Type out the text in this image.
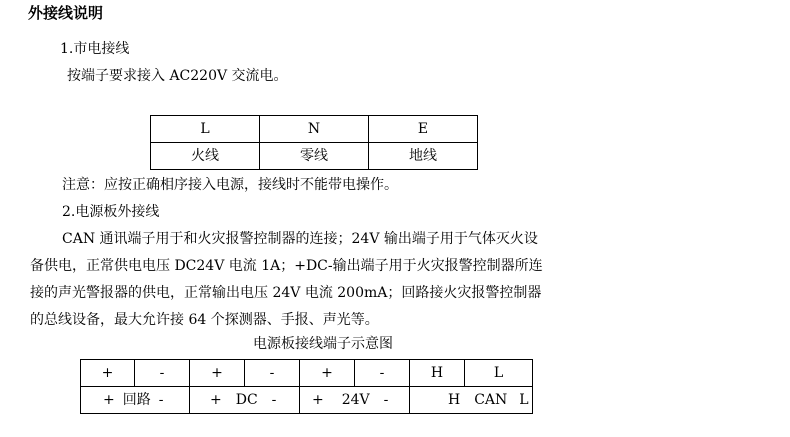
外接线说明
1.市电接线
按端子要求接入 AC220V 交流电。
L	N	E
火线	零线	地线
注意：应按正确相序接入电源，接线时不能带电操作。
2.电源板外接线
CAN 通讯端子用于和火灾报警控制器的连接；24V 输出端子用于气体灭火设
备供电，正常供电电压 DC24V 电流 1A；+DC-输出端子用于火灾报警控制器所连
接的声光警报器的供电，正常输出电压 24V 电流 200mA；回路接火灾报警控制器
的总线设备，最大允许接 64 个探测器、手报、声光等。
电源板接线端子示意图
+	-	+	-	+	-	H	L
+ 回路 -		+ DC -		+ 24V -		H CAN L	
